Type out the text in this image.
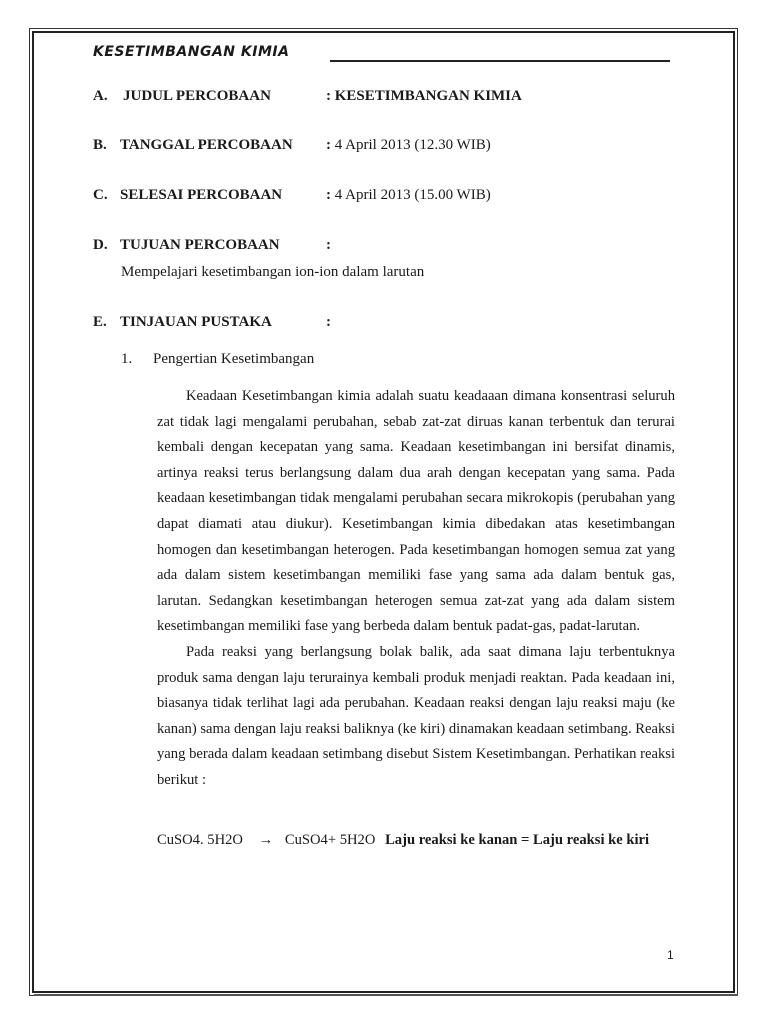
KESETIMBANGAN KIMIA
A. JUDUL PERCOBAAN	: KESETIMBANGAN KIMIA
B. TANGGAL PERCOBAAN : 4 April 2013 (12.30 WIB)
C. SELESAI PERCOBAAN	: 4 April 2013 (15.00 WIB)
D. TUJUAN PERCOBAAN	:
Mempelajari kesetimbangan ion-ion dalam larutan
E. TINJAUAN PUSTAKA	:
1. Pengertian Kesetimbangan

Keadaan Kesetimbangan kimia adalah suatu keadaaan dimana konsentrasi seluruh zat tidak lagi mengalami perubahan, sebab zat-zat diruas kanan terbentuk dan terurai kembali dengan kecepatan yang sama. Keadaan kesetimbangan ini bersifat dinamis, artinya reaksi terus berlangsung dalam dua arah dengan kecepatan yang sama. Pada keadaan kesetimbangan tidak mengalami perubahan secara mikrokopis (perubahan yang dapat diamati atau diukur). Kesetimbangan kimia dibedakan atas kesetimbangan homogen dan kesetimbangan heterogen. Pada kesetimbangan homogen semua zat yang ada dalam sistem kesetimbangan memiliki fase yang sama ada dalam bentuk gas, larutan. Sedangkan kesetimbangan heterogen semua zat-zat yang ada dalam sistem kesetimbangan memiliki fase yang berbeda dalam bentuk padat-gas, padat-larutan.

Pada reaksi yang berlangsung bolak balik, ada saat dimana laju terbentuknya produk sama dengan laju terurainya kembali produk menjadi reaktan. Pada keadaan ini, biasanya tidak terlihat lagi ada perubahan. Keadaan reaksi dengan laju reaksi maju (ke kanan) sama dengan laju reaksi baliknya (ke kiri) dinamakan keadaan setimbang. Reaksi yang berada dalam keadaan setimbang disebut Sistem Kesetimbangan. Perhatikan reaksi berikut :

CuSO4. 5H2O → CuSO4+ 5H2O Laju reaksi ke kanan = Laju reaksi ke kiri
1
